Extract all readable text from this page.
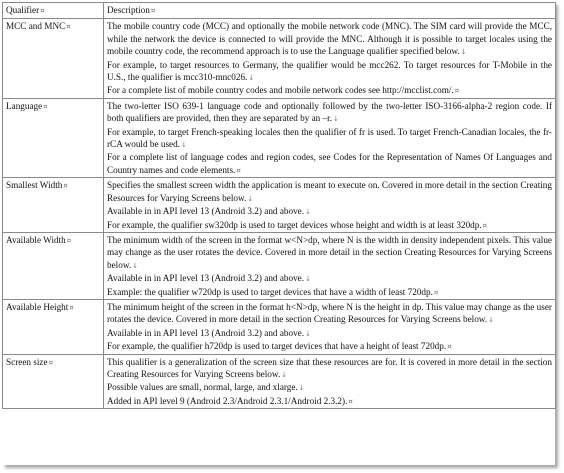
Qualifier¤	Description¤
MCC and MNC¤	The mobile country code (MCC) and optionally the mobile network code (MNC). The SIM card will provide the MCC, while the network the device is connected to will provide the MNC. Although it is possible to target locales using the mobile country code, the recommend approach is to use the Language qualifier specified below.↓
For example, to target resources to Germany, the qualifier would be mcc262. To target resources for T-Mobile in the U.S., the qualifier is mcc310-mnc026.↓
For a complete list of mobile country codes and mobile network codes see http://mcclist.com/.¤

Language¤	The two-letter ISO 639-1 language code and optionally followed by the two-letter ISO-3166-alpha-2 region code. If both qualifiers are provided, then they are separated by an –r.↓
For example, to target French-speaking locales then the qualifier of fr is used. To target French-Canadian locales, the fr-rCA would be used.↓
For a complete list of language codes and region codes, see Codes for the Representation of Names Of Languages and Country names and code elements.¤

Smallest Width¤	Specifies the smallest screen width the application is meant to execute on. Covered in more detail in the section Creating Resources for Varying Screens below.↓
Available in in API level 13 (Android 3.2) and above.↓
For example, the qualifier sw320dp is used to target devices whose height and width is at least 320dp.¤

Available Width¤	The minimum width of the screen in the format w<N>dp, where N is the width in density independent pixels. This value may change as the user rotates the device. Covered in more detail in the section Creating Resources for Varying Screens below.↓
Available in in API level 13 (Android 3.2) and above.↓
Example: the qualifier w720dp is used to target devices that have a width of least 720dp.¤

Available Height¤	The minimum height of the screen in the format h<N>dp, where N is the height in dp. This value may change as the user rotates the device. Covered in more detail in the section Creating Resources for Varying Screens below.↓
Available in in API level 13 (Android 3.2) and above.↓
For example, the qualifier h720dp is used to target devices that have a height of least 720dp.¤

Screen size¤	This qualifier is a generalization of the screen size that these resources are for. It is covered in more detail in the section Creating Resources for Varying Screens below.↓
Possible values are small, normal, large, and xlarge.↓
Added in API level 9 (Android 2.3/Android 2.3.1/Android 2.3.2).¤
